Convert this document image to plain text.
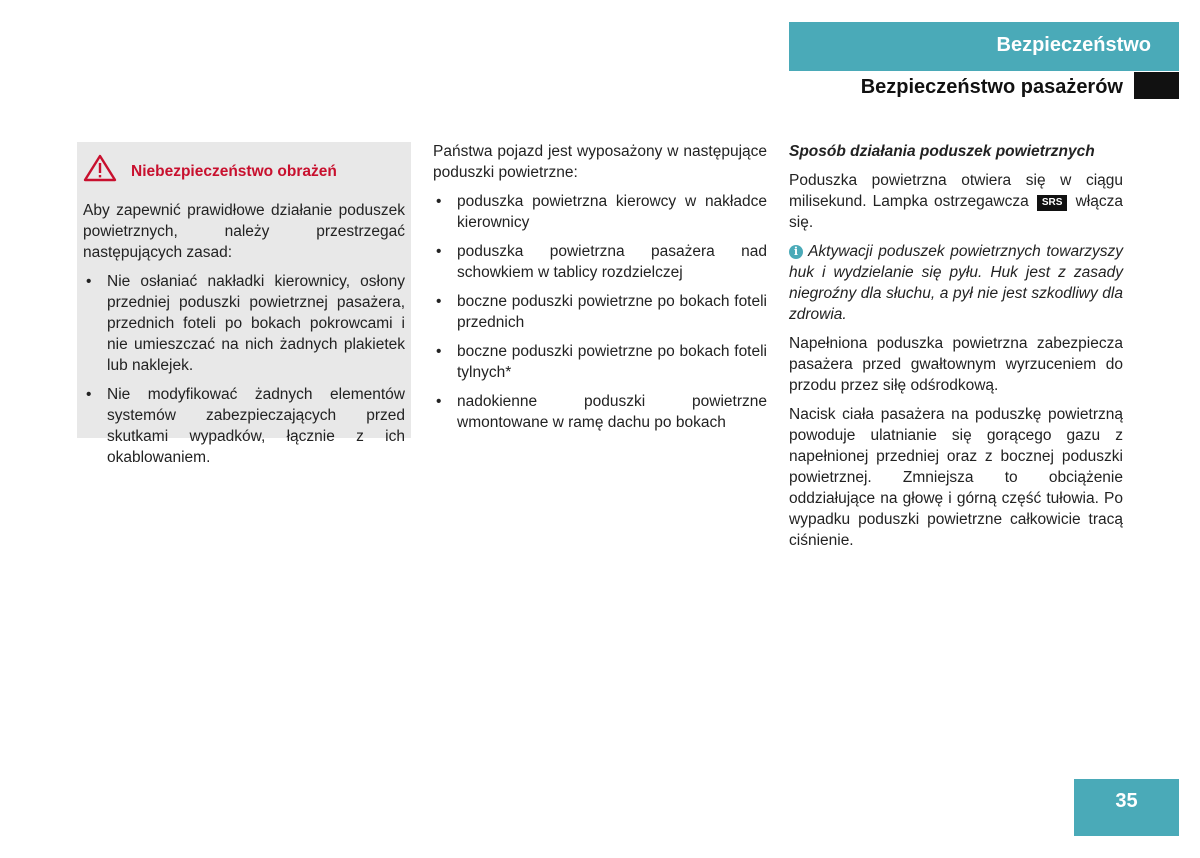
Bezpieczeństwo
Bezpieczeństwo pasażerów
Niebezpieczeństwo obrażeń

Aby zapewnić prawidłowe działanie poduszek powietrznych, należy przestrzegać następujących zasad:

• Nie osłaniać nakładki kierownicy, osłony przedniej poduszki powietrznej pasażera, przednich foteli po bokach pokrowcami i nie umieszczać na nich żadnych plakietek lub naklejek.
• Nie modyfikować żadnych elementów systemów zabezpieczających przed skutkami wypadków, łącznie z ich okablowaniem.

Państwa pojazd jest wyposażony w następujące poduszki powietrzne:

• poduszka powietrzna kierowcy w nakładce kierownicy
• poduszka powietrzna pasażera nad schowkiem w tablicy rozdzielczej
• boczne poduszki powietrzne po bokach foteli przednich
• boczne poduszki powietrzne po bokach foteli tylnych*
• nadokienne poduszki powietrzne wmontowane w ramę dachu po bokach

Sposób działania poduszek powietrznych

Poduszka powietrzna otwiera się w ciągu milisekund. Lampka ostrzegawcza SRS włącza się.

i Aktywacji poduszek powietrznych towarzyszy huk i wydzielanie się pyłu. Huk jest z zasady niegroźny dla słuchu, a pył nie jest szkodliwy dla zdrowia.

Napełniona poduszka powietrzna zabezpiecza pasażera przed gwałtownym wyrzuceniem do przodu przez siłę odśrodkową.

Nacisk ciała pasażera na poduszkę powietrzną powoduje ulatnianie się gorącego gazu z napełnionej przedniej oraz z bocznej poduszki powietrznej. Zmniejsza to obciążenie oddziałujące na głowę i górną część tułowia. Po wypadku poduszki powietrzne całkowicie tracą ciśnienie.

35
